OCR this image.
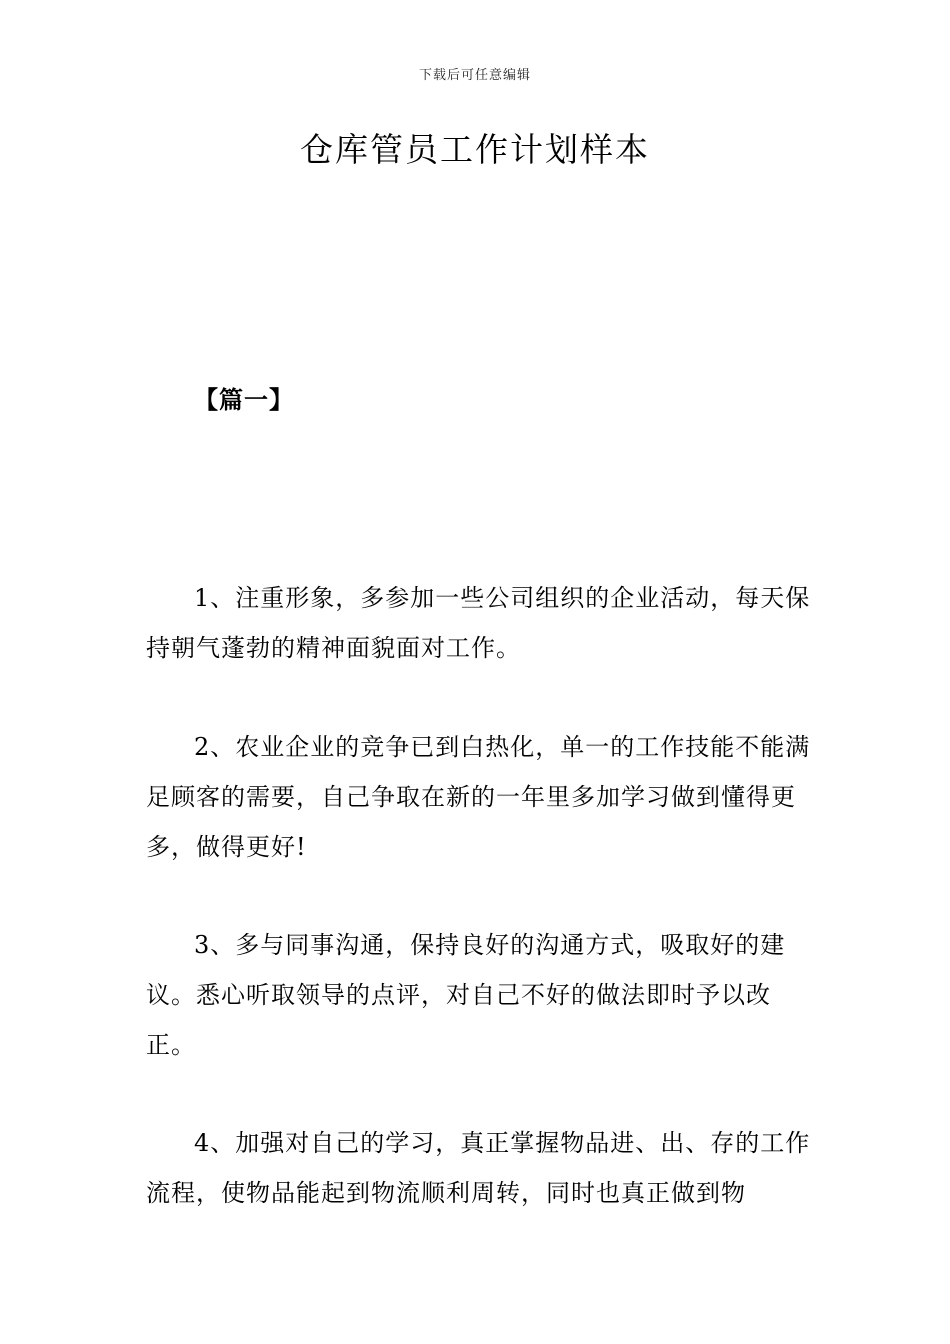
下载后可任意编辑
仓库管员工作计划样本
【篇一】

1、注重形象，多参加一些公司组织的企业活动，每天保持朝气蓬勃的精神面貌面对工作。

2、农业企业的竞争已到白热化，单一的工作技能不能满足顾客的需要，自己争取在新的一年里多加学习做到懂得更多，做得更好!

3、多与同事沟通，保持良好的沟通方式，吸取好的建议。悉心听取领导的点评，对自己不好的做法即时予以改正。

4、加强对自己的学习，真正掌握物品进、出、存的工作流程，使物品能起到物流顺利周转，同时也真正做到物
